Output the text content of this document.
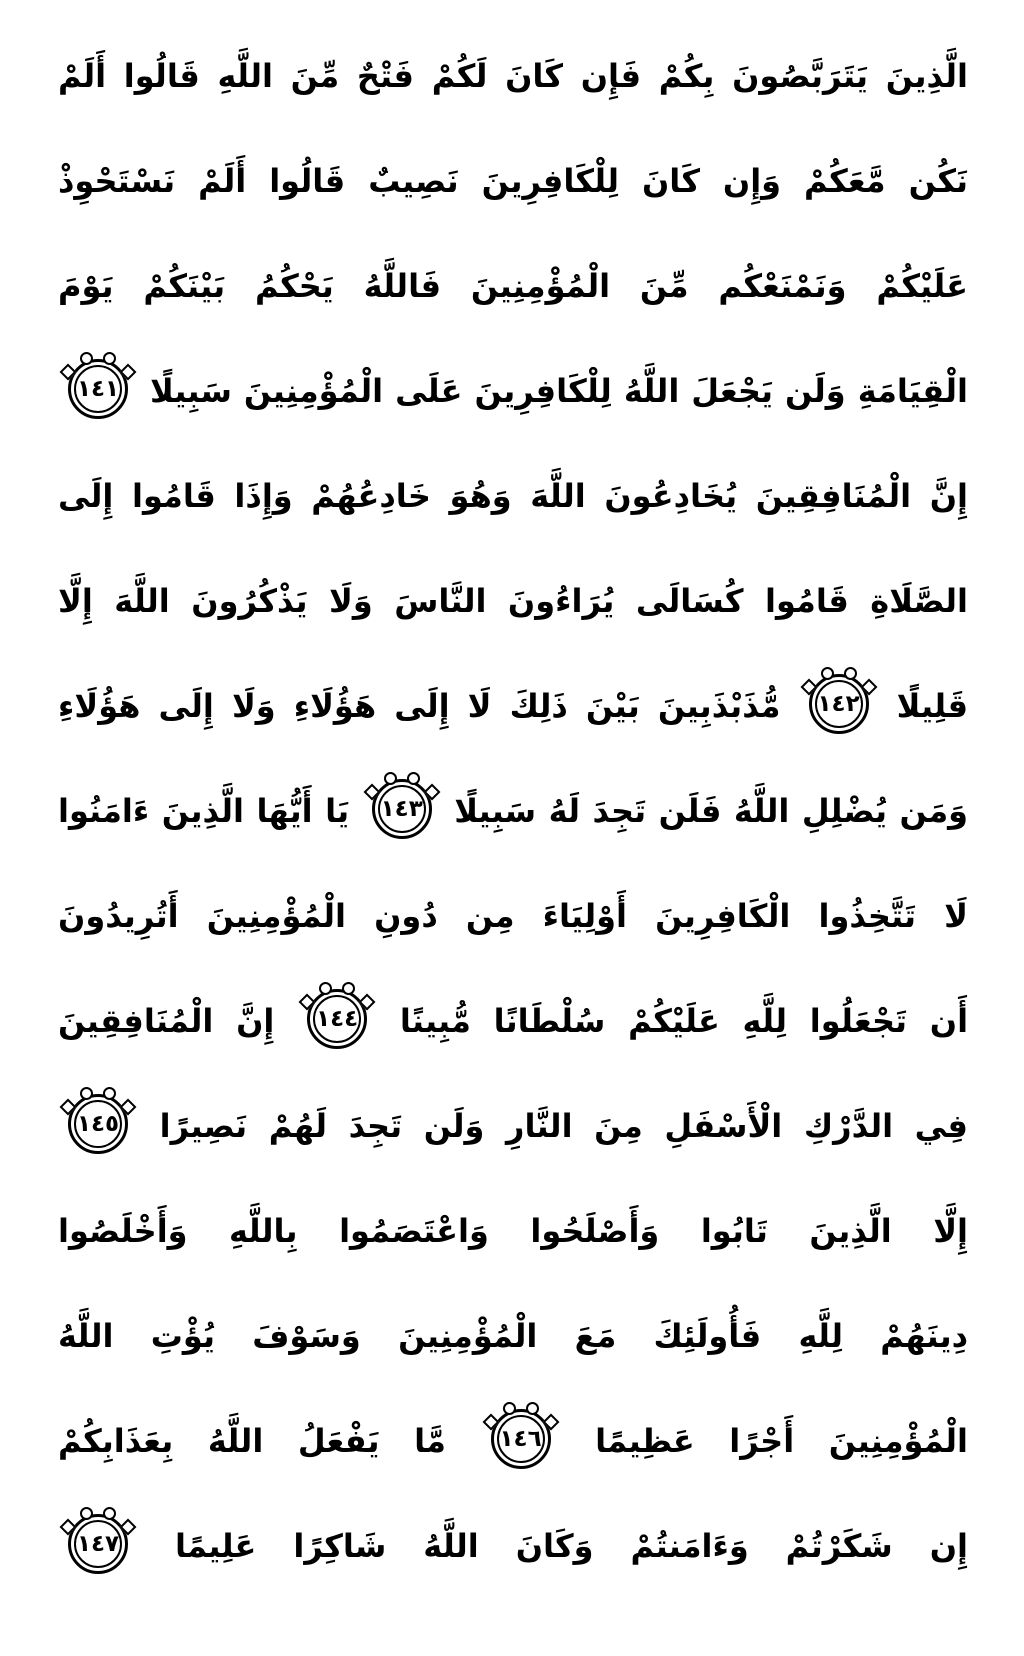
الَّذِينَ يَتَرَبَّصُونَ بِكُمْ فَإِن كَانَ لَكُمْ فَتْحٌ مِّنَ اللَّهِ قَالُوا أَلَمْ
نَكُن مَّعَكُمْ وَإِن كَانَ لِلْكَافِرِينَ نَصِيبٌ قَالُوا أَلَمْ نَسْتَحْوِذْ
عَلَيْكُمْ وَنَمْنَعْكُم مِّنَ الْمُؤْمِنِينَ فَاللَّهُ يَحْكُمُ بَيْنَكُمْ يَوْمَ
الْقِيَامَةِ وَلَن يَجْعَلَ اللَّهُ لِلْكَافِرِينَ عَلَى الْمُؤْمِنِينَ سَبِيلًا
١٤١
إِنَّ الْمُنَافِقِينَ يُخَادِعُونَ اللَّهَ وَهُوَ خَادِعُهُمْ وَإِذَا قَامُوا إِلَى
الصَّلَاةِ قَامُوا كُسَالَى يُرَاءُونَ النَّاسَ وَلَا يَذْكُرُونَ اللَّهَ إِلَّا
قَلِيلًا
١٤٢
مُّذَبْذَبِينَ بَيْنَ ذَلِكَ لَا إِلَى هَؤُلَاءِ وَلَا إِلَى هَؤُلَاءِ
وَمَن يُضْلِلِ اللَّهُ فَلَن تَجِدَ لَهُ سَبِيلًا
١٤٣
يَا أَيُّهَا الَّذِينَ ءَامَنُوا
لَا تَتَّخِذُوا الْكَافِرِينَ أَوْلِيَاءَ مِن دُونِ الْمُؤْمِنِينَ أَتُرِيدُونَ
أَن تَجْعَلُوا لِلَّهِ عَلَيْكُمْ سُلْطَانًا مُّبِينًا
١٤٤
إِنَّ الْمُنَافِقِينَ
فِي الدَّرْكِ الْأَسْفَلِ مِنَ النَّارِ وَلَن تَجِدَ لَهُمْ نَصِيرًا
١٤٥
إِلَّا الَّذِينَ تَابُوا وَأَصْلَحُوا وَاعْتَصَمُوا بِاللَّهِ وَأَخْلَصُوا
دِينَهُمْ لِلَّهِ فَأُولَئِكَ مَعَ الْمُؤْمِنِينَ وَسَوْفَ يُؤْتِ اللَّهُ
الْمُؤْمِنِينَ أَجْرًا عَظِيمًا
١٤٦
مَّا يَفْعَلُ اللَّهُ بِعَذَابِكُمْ
إِن شَكَرْتُمْ وَءَامَنتُمْ وَكَانَ اللَّهُ شَاكِرًا عَلِيمًا
١٤٧
